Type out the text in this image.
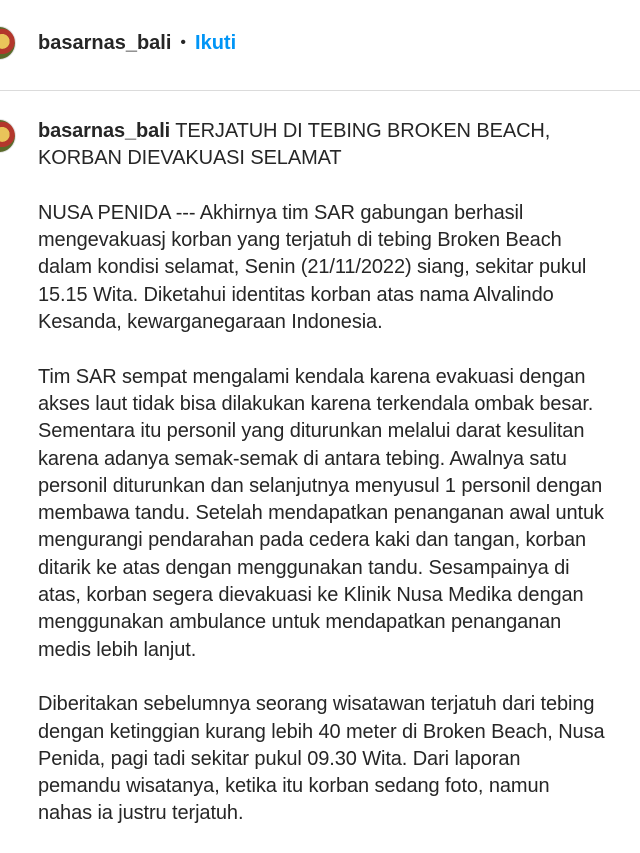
basarnas_bali • Ikuti
basarnas_bali TERJATUH DI TEBING BROKEN BEACH,
KORBAN DIEVAKUASI SELAMAT
NUSA PENIDA --- Akhirnya tim SAR gabungan berhasil
mengevakuasj korban yang terjatuh di tebing Broken Beach
dalam kondisi selamat, Senin (21/11/2022) siang, sekitar pukul
15.15 Wita. Diketahui identitas korban atas nama Alvalindo
Kesanda, kewarganegaraan Indonesia.
Tim SAR sempat mengalami kendala karena evakuasi dengan
akses laut tidak bisa dilakukan karena terkendala ombak besar.
Sementara itu personil yang diturunkan melalui darat kesulitan
karena adanya semak-semak di antara tebing. Awalnya satu
personil diturunkan dan selanjutnya menyusul 1 personil dengan
membawa tandu. Setelah mendapatkan penanganan awal untuk
mengurangi pendarahan pada cedera kaki dan tangan, korban
ditarik ke atas dengan menggunakan tandu. Sesampainya di
atas, korban segera dievakuasi ke Klinik Nusa Medika dengan
menggunakan ambulance untuk mendapatkan penanganan
medis lebih lanjut.
Diberitakan sebelumnya seorang wisatawan terjatuh dari tebing
dengan ketinggian kurang lebih 40 meter di Broken Beach, Nusa
Penida, pagi tadi sekitar pukul 09.30 Wita. Dari laporan
pemandu wisatanya, ketika itu korban sedang foto, namun
nahas ia justru terjatuh.
